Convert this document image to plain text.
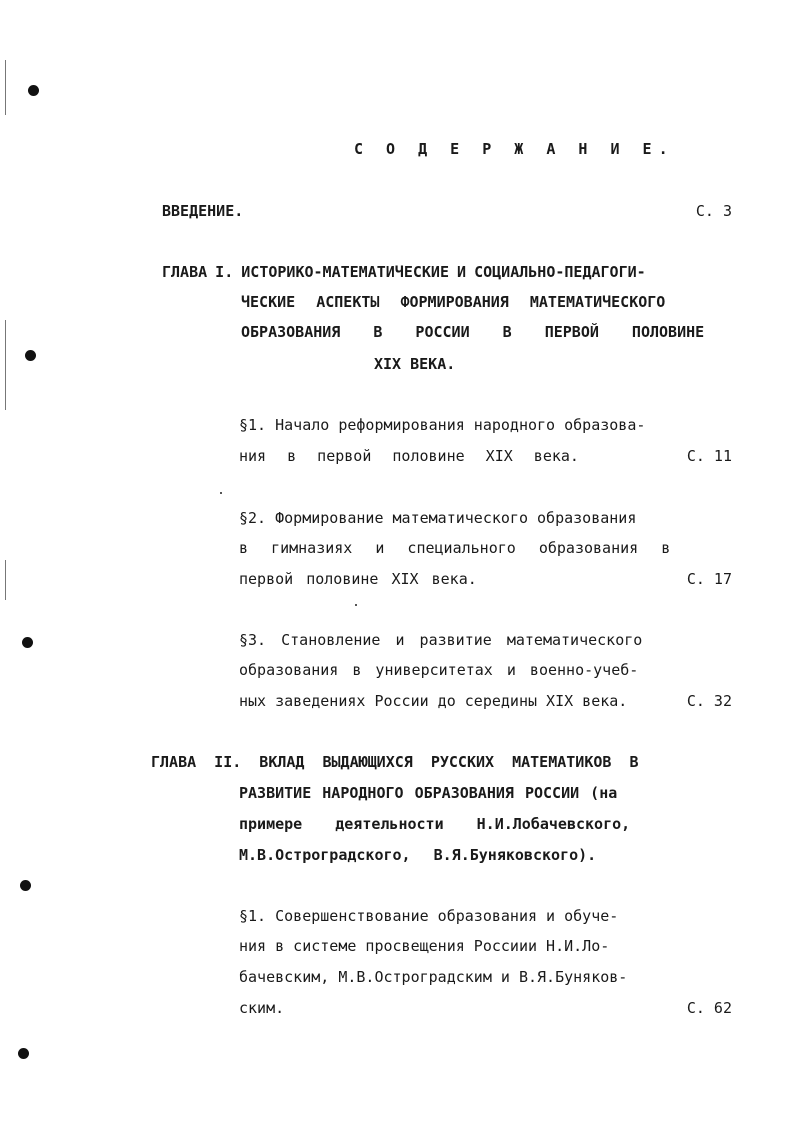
С О Д Е Р Ж А Н И Е.
ВВЕДЕНИЕ.	С. 3
ГЛАВА I. ИСТОРИКО-МАТЕМАТИЧЕСКИЕ И СОЦИАЛЬНО-ПЕДАГОГИ-
ЧЕСКИЕ АСПЕКТЫ ФОРМИРОВАНИЯ МАТЕМАТИЧЕСКОГО
ОБРАЗОВАНИЯ В РОССИИ В ПЕРВОЙ ПОЛОВИНЕ
XIX ВЕКА.
§1. Начало реформирования народного образова-
ния в первой половине XIX века.	С. 11
§2. Формирование математического образования
в гимназиях и специального образования в
первой половине XIX века.	С. 17
§3. Становление и развитие математического
образования в университетах и военно-учеб-
ных заведениях России до середины XIX века.	С. 32
ГЛАВА II. ВКЛАД ВЫДАЮЩИХСЯ РУССКИХ МАТЕМАТИКОВ В
РАЗВИТИЕ НАРОДНОГО ОБРАЗОВАНИЯ РОССИИ (на
примере деятельности Н.И.Лобачевского,
М.В.Остроградского, В.Я.Буняковского).
§1. Совершенствование образования и обуче-
ния в системе просвещения Россиии Н.И.Ло-
бачевским, М.В.Остроградским и В.Я.Буняков-
ским.	С. 62
